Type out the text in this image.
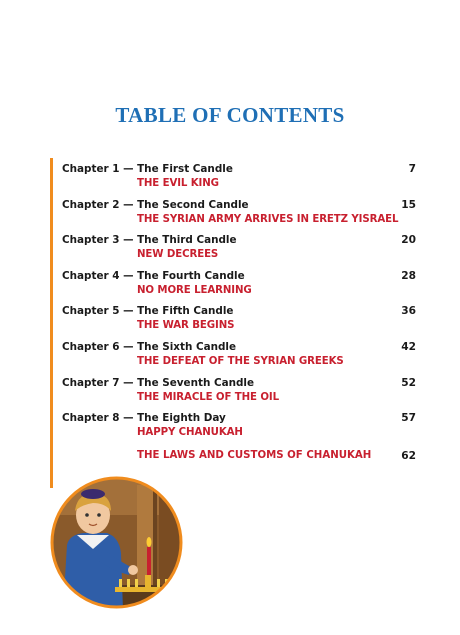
TABLE OF CONTENTS
Chapter 1 — The First Candle	7
THE EVIL KING
Chapter 2 — The Second Candle	15
THE SYRIAN ARMY ARRIVES IN ERETZ YISRAEL
Chapter 3 — The Third Candle	20
NEW DECREES
Chapter 4 — The Fourth Candle	28
NO MORE LEARNING
Chapter 5 — The Fifth Candle	36
THE WAR BEGINS
Chapter 6 — The Sixth Candle	42
THE DEFEAT OF THE SYRIAN GREEKS
Chapter 7 — The Seventh Candle	52
THE MIRACLE OF THE OIL
Chapter 8 — The Eighth Day	57
HAPPY CHANUKAH
THE LAWS AND CUSTOMS OF CHANUKAH	62
